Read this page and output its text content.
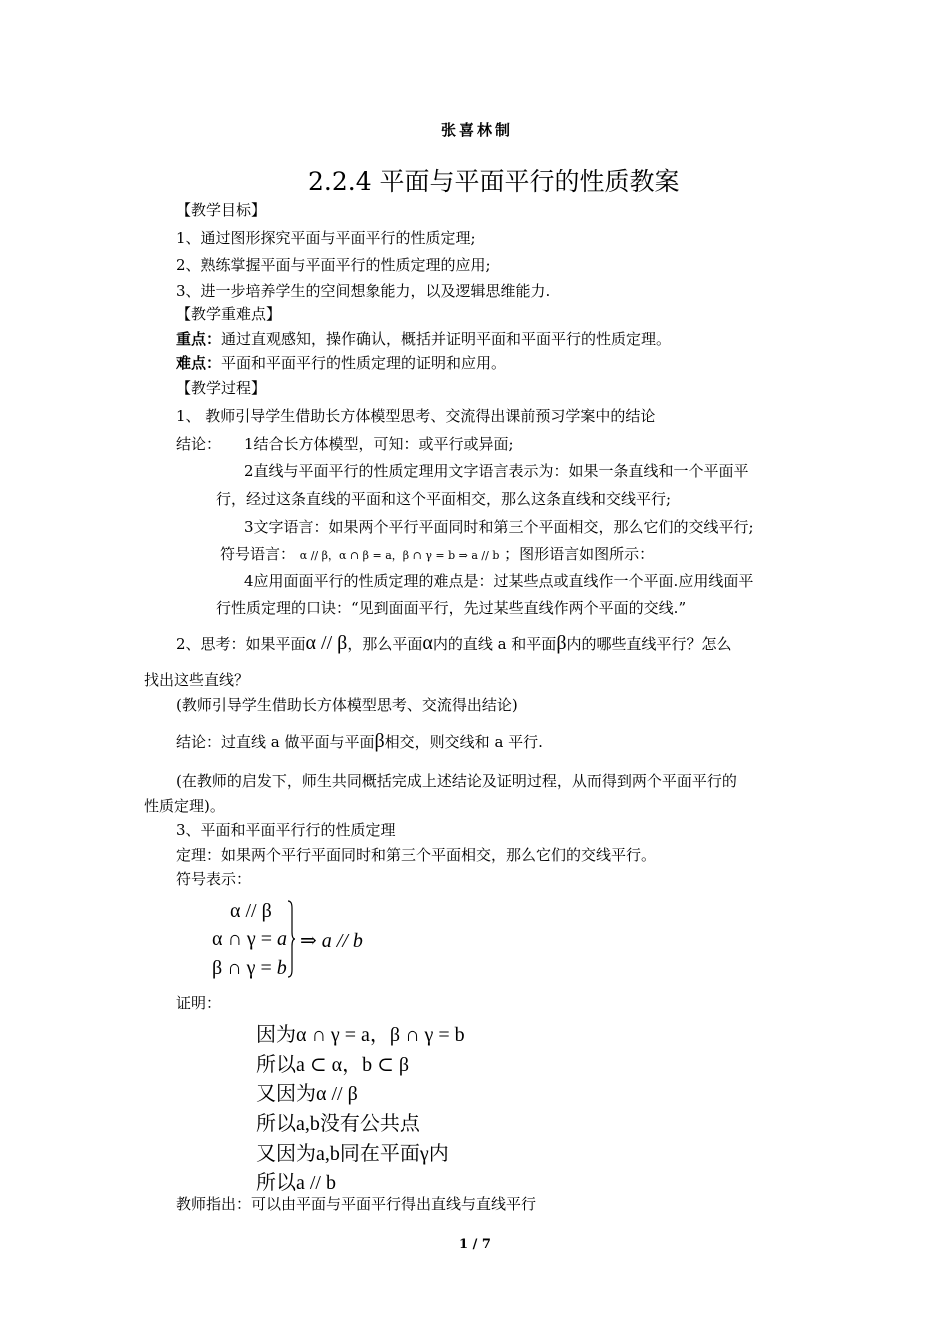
张喜林制
2.2.4 平面与平面平行的性质教案
【教学目标】
1、通过图形探究平面与平面平行的性质定理;
2、熟练掌握平面与平面平行的性质定理的应用;
3、进一步培养学生的空间想象能力，以及逻辑思维能力.
【教学重难点】
重点：通过直观感知，操作确认，概括并证明平面和平面平行的性质定理。
难点：平面和平面平行的性质定理的证明和应用。
【教学过程】
1、 教师引导学生借助长方体模型思考、交流得出课前预习学案中的结论
结论： 1结合长方体模型，可知：或平行或异面;
2直线与平面平行的性质定理用文字语言表示为：如果一条直线和一个平面平
行，经过这条直线的平面和这个平面相交，那么这条直线和交线平行;
3文字语言：如果两个平行平面同时和第三个平面相交，那么它们的交线平行;
符号语言： α // β，α ∩ β = a，β ∩ γ = b ⇒ a // b ；图形语言如图所示：
4应用面面平行的性质定理的难点是：过某些点或直线作一个平面.应用线面平
行性质定理的口诀：“见到面面平行，先过某些直线作两个平面的交线.”
2、思考：如果平面α // β，那么平面α内的直线 a 和平面β内的哪些直线平行？怎么
找出这些直线？
(教师引导学生借助长方体模型思考、交流得出结论)
结论：过直线 a 做平面与平面β相交，则交线和 a 平行.
(在教师的启发下，师生共同概括完成上述结论及证明过程，从而得到两个平面平行的
性质定理)。
3、平面和平面平行行的性质定理
定理：如果两个平行平面同时和第三个平面相交，那么它们的交线平行。
符号表示：
α // β
α ∩ γ = a
β ∩ γ = b
⇒ a // b
证明：
因为α ∩ γ = a，β ∩ γ = b
所以a ⊂ α，b ⊂ β
又因为α // β
所以a,b没有公共点
又因为a,b同在平面γ内
所以a // b
教师指出：可以由平面与平面平行得出直线与直线平行
1 / 7
